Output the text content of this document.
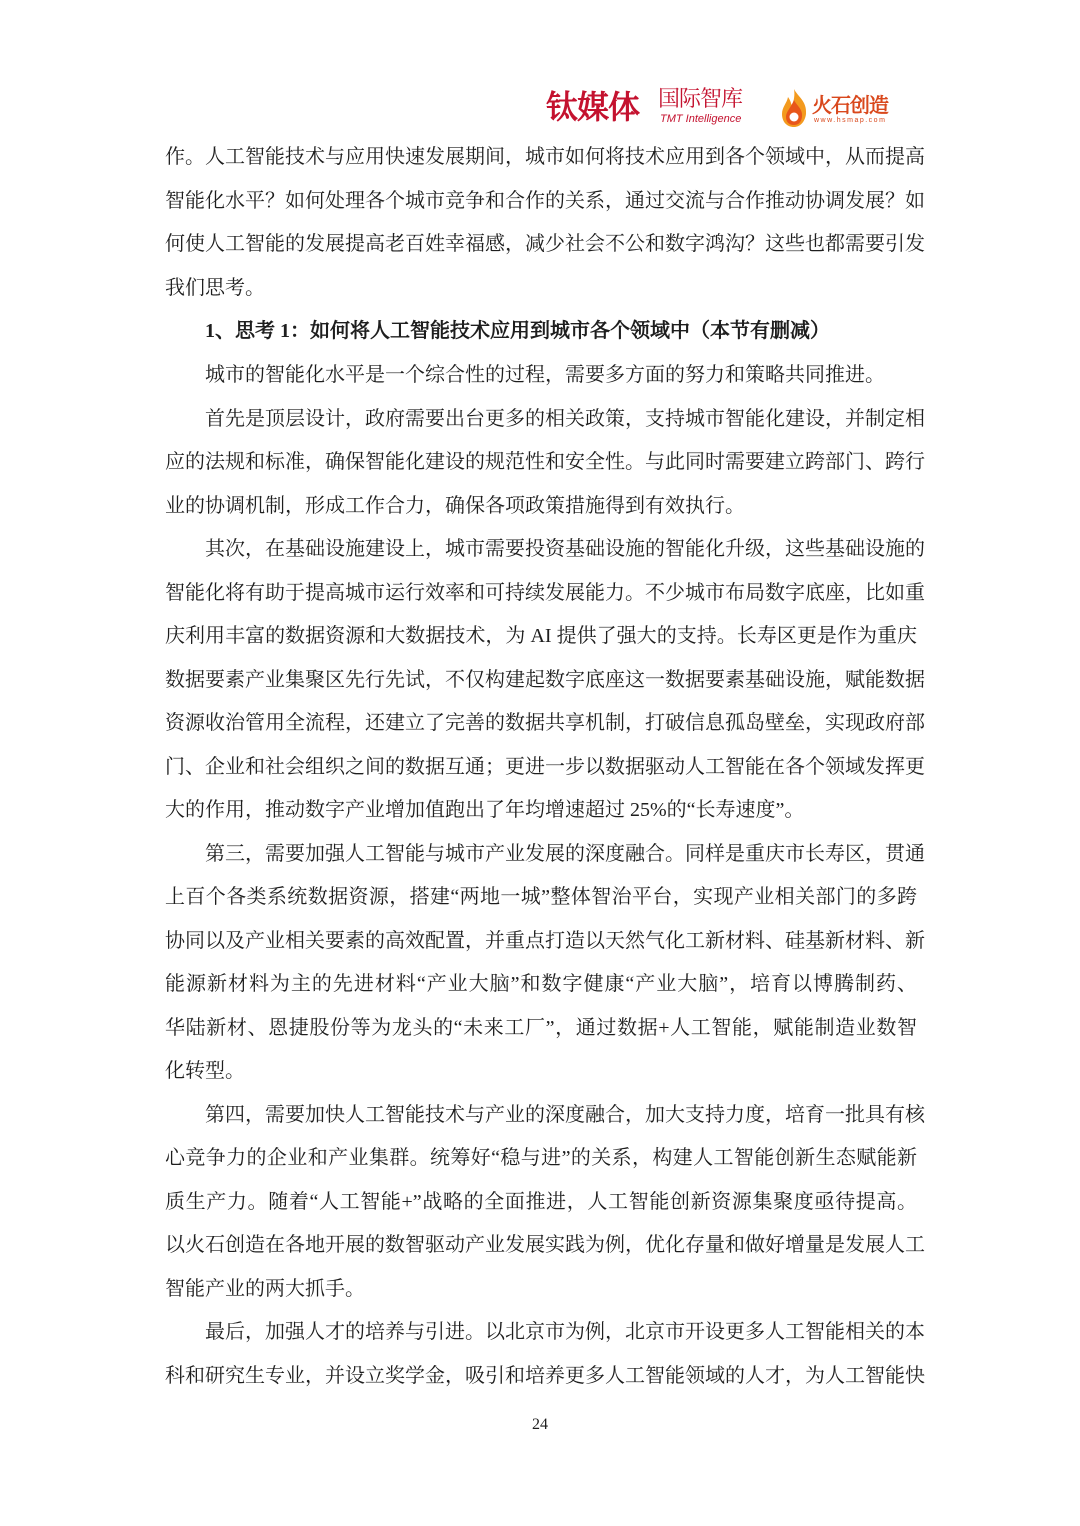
钛媒体 国际智库
TMT Intelligence
火石创造
www.hsmap.com
作。人工智能技术与应用快速发展期间，城市如何将技术应用到各个领域中，从而提高
智能化水平？如何处理各个城市竞争和合作的关系，通过交流与合作推动协调发展？如
何使人工智能的发展提高老百姓幸福感，减少社会不公和数字鸿沟？这些也都需要引发
我们思考。
1、思考 1：如何将人工智能技术应用到城市各个领域中（本节有删减）
城市的智能化水平是一个综合性的过程，需要多方面的努力和策略共同推进。
首先是顶层设计，政府需要出台更多的相关政策，支持城市智能化建设，并制定相
应的法规和标准，确保智能化建设的规范性和安全性。与此同时需要建立跨部门、跨行
业的协调机制，形成工作合力，确保各项政策措施得到有效执行。
其次，在基础设施建设上，城市需要投资基础设施的智能化升级，这些基础设施的
智能化将有助于提高城市运行效率和可持续发展能力。不少城市布局数字底座，比如重
庆利用丰富的数据资源和大数据技术，为 AI 提供了强大的支持。长寿区更是作为重庆
数据要素产业集聚区先行先试，不仅构建起数字底座这一数据要素基础设施，赋能数据
资源收治管用全流程，还建立了完善的数据共享机制，打破信息孤岛壁垒，实现政府部
门、企业和社会组织之间的数据互通；更进一步以数据驱动人工智能在各个领域发挥更
大的作用，推动数字产业增加值跑出了年均增速超过 25%的“长寿速度”。
第三，需要加强人工智能与城市产业发展的深度融合。同样是重庆市长寿区，贯通
上百个各类系统数据资源，搭建“两地一城”整体智治平台，实现产业相关部门的多跨
协同以及产业相关要素的高效配置，并重点打造以天然气化工新材料、硅基新材料、新
能源新材料为主的先进材料“产业大脑”和数字健康“产业大脑”，培育以博腾制药、
华陆新材、恩捷股份等为龙头的“未来工厂”，通过数据+人工智能，赋能制造业数智
化转型。
第四，需要加快人工智能技术与产业的深度融合，加大支持力度，培育一批具有核
心竞争力的企业和产业集群。统筹好“稳与进”的关系，构建人工智能创新生态赋能新
质生产力。随着“人工智能+”战略的全面推进，人工智能创新资源集聚度亟待提高。
以火石创造在各地开展的数智驱动产业发展实践为例，优化存量和做好增量是发展人工
智能产业的两大抓手。
最后，加强人才的培养与引进。以北京市为例，北京市开设更多人工智能相关的本
科和研究生专业，并设立奖学金，吸引和培养更多人工智能领域的人才，为人工智能快
24
